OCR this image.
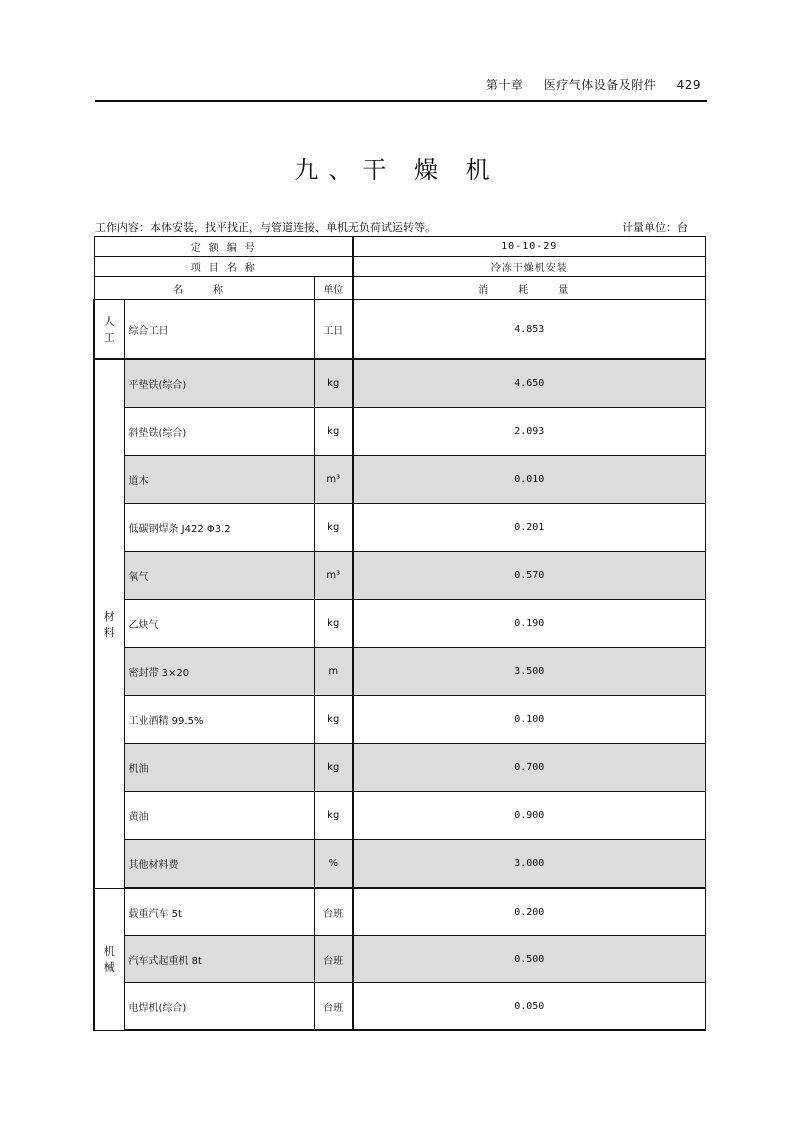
第十章 医疗气体设备及附件 429
九、干 燥 机
工作内容：本体安装，找平找正，与管道连接、单机无负荷试运转等。	计量单位：台
定 额 编 号			10-10-29
项 目 名 称			冷冻干燥机安装
名 称		单位	消 耗 量

人
工	综合工日	工日	4.853

材
料	平垫铁(综合)	kg	4.650
	斜垫铁(综合)	kg	2.093
	道木	m³	0.010
	低碳钢焊条 J422 Φ3.2	kg	0.201
	氧气	m³	0.570
	乙炔气	kg	0.190
	密封带 3×20	m	3.500
	工业酒精 99.5%	kg	0.100
	机油	kg	0.700
	黄油	kg	0.900
	其他材料费	%	3.000

机
械	载重汽车 5t	台班	0.200
	汽车式起重机 8t	台班	0.500
	电焊机(综合)	台班	0.050
